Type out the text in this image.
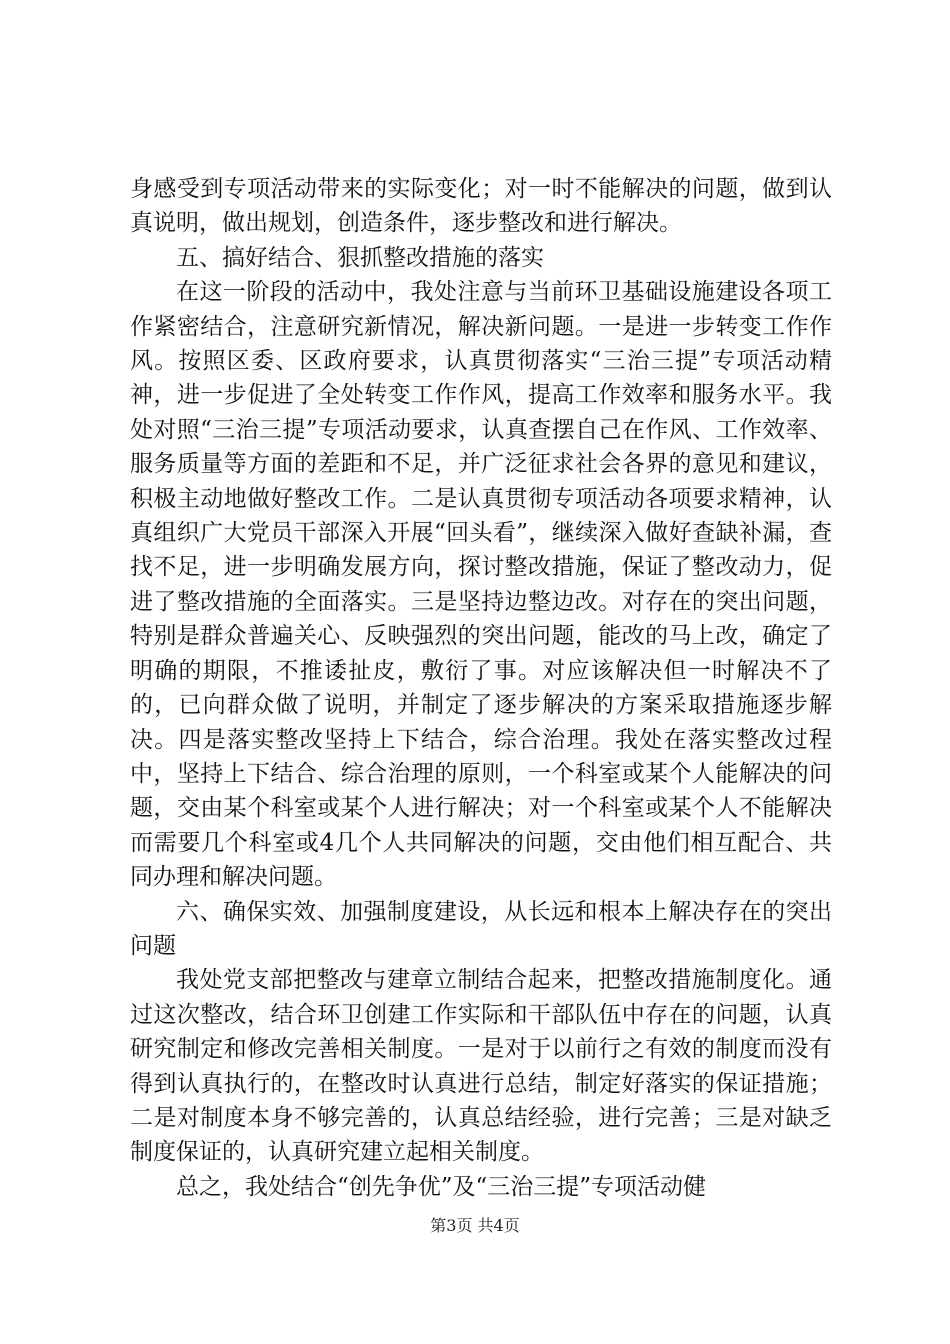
身感受到专项活动带来的实际变化；对一时不能解决的问题，做到认真说明，做出规划，创造条件，逐步整改和进行解决。

五、搞好结合、狠抓整改措施的落实

在这一阶段的活动中，我处注意与当前环卫基础设施建设各项工作紧密结合，注意研究新情况，解决新问题。一是进一步转变工作作风。按照区委、区政府要求，认真贯彻落实“三治三提”专项活动精神，进一步促进了全处转变工作作风，提高工作效率和服务水平。我处对照“三治三提”专项活动要求，认真查摆自己在作风、工作效率、服务质量等方面的差距和不足，并广泛征求社会各界的意见和建议，积极主动地做好整改工作。二是认真贯彻专项活动各项要求精神，认真组织广大党员干部深入开展“回头看”，继续深入做好查缺补漏，查找不足，进一步明确发展方向，探讨整改措施，保证了整改动力，促进了整改措施的全面落实。三是坚持边整边改。对存在的突出问题，特别是群众普遍关心、反映强烈的突出问题，能改的马上改，确定了明确的期限，不推诿扯皮，敷衍了事。对应该解决但一时解决不了的，已向群众做了说明，并制定了逐步解决的方案采取措施逐步解决。四是落实整改坚持上下结合，综合治理。我处在落实整改过程中，坚持上下结合、综合治理的原则，一个科室或某个人能解决的问题，交由某个科室或某个人进行解决；对一个科室或某个人不能解决而需要几个科室或4几个人共同解决的问题，交由他们相互配合、共同办理和解决问题。

六、确保实效、加强制度建设，从长远和根本上解决存在的突出问题

我处党支部把整改与建章立制结合起来，把整改措施制度化。通过这次整改，结合环卫创建工作实际和干部队伍中存在的问题，认真研究制定和修改完善相关制度。一是对于以前行之有效的制度而没有得到认真执行的，在整改时认真进行总结，制定好落实的保证措施；二是对制度本身不够完善的，认真总结经验，进行完善；三是对缺乏制度保证的，认真研究建立起相关制度。

总之，我处结合“创先争优”及“三治三提”专项活动健

第3页 共4页
